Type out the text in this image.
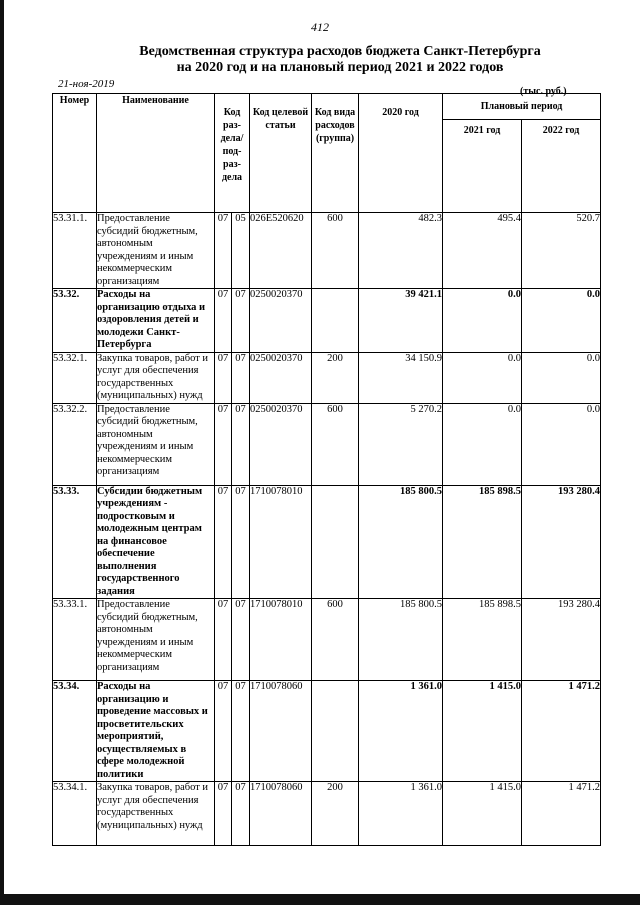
412
Ведомственная структура расходов бюджета Санкт-Петербурга
на 2020 год и на плановый период 2021 и 2022 годов
21-ноя-2019
(тыс. руб.)
Номер	Наименование	Код раз- дела/ под- раз- дела		Код целевой статьи	Код вида расходов (группа)	2020 год	Плановый период	
							2021 год	2022 год
53.31.1.	Предоставление субсидий бюджетным, автономным учреждениям и иным некоммерческим организациям	07	05	026E520620	600	482.3	495.4	520.7
53.32.	Расходы на организацию отдыха и оздоровления детей и молодежи Санкт-Петербурга	07	07	0250020370		39 421.1	0.0	0.0
53.32.1.	Закупка товаров, работ и услуг для обеспечения государственных (муниципальных) нужд	07	07	0250020370	200	34 150.9	0.0	0.0
53.32.2.	Предоставление субсидий бюджетным, автономным учреждениям и иным некоммерческим организациям	07	07	0250020370	600	5 270.2	0.0	0.0
53.33.	Субсидии бюджетным учреждениям - подростковым и молодежным центрам на финансовое обеспечение выполнения государственного задания	07	07	1710078010		185 800.5	185 898.5	193 280.4
53.33.1.	Предоставление субсидий бюджетным, автономным учреждениям и иным некоммерческим организациям	07	07	1710078010	600	185 800.5	185 898.5	193 280.4
53.34.	Расходы на организацию и проведение массовых и просветительских мероприятий, осуществляемых в сфере молодежной политики	07	07	1710078060		1 361.0	1 415.0	1 471.2
53.34.1.	Закупка товаров, работ и услуг для обеспечения государственных (муниципальных) нужд	07	07	1710078060	200	1 361.0	1 415.0	1 471.2
